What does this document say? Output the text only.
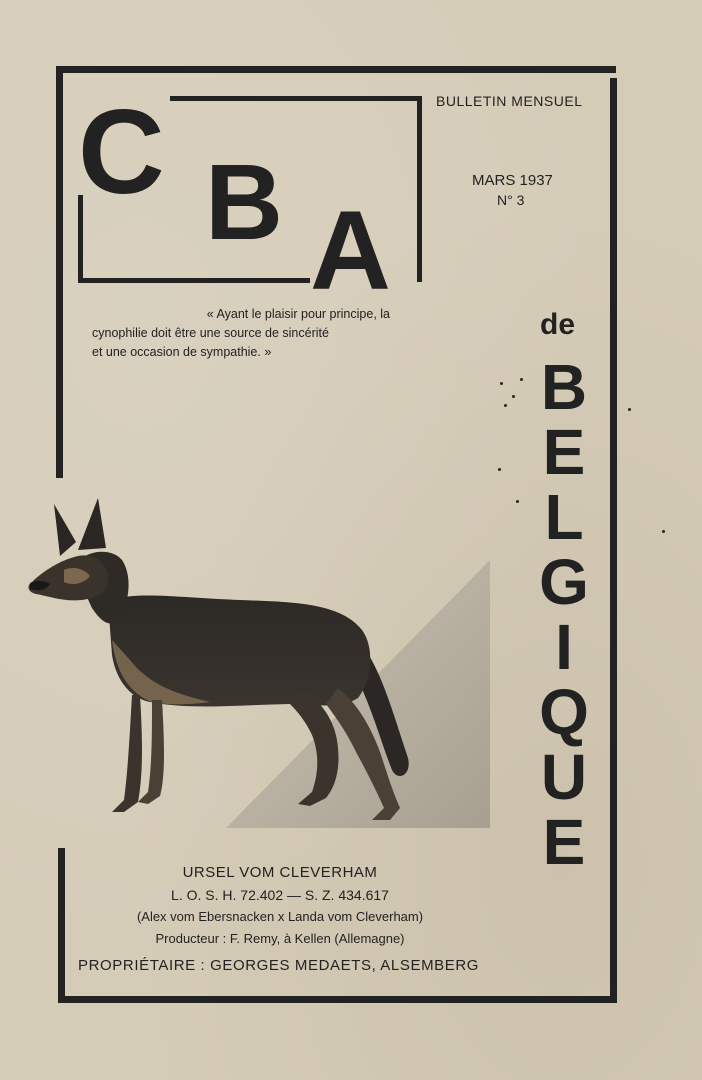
C B A
BULLETIN MENSUEL
MARS 1937
N° 3
« Ayant le plaisir pour principe, la
cynophilie doit être une source de sincérité
et une occasion de sympathie. »
de
B
E
L
G
I
Q
U
E
URSEL VOM CLEVERHAM
L. O. S. H. 72.402 — S. Z. 434.617
(Alex vom Ebersnacken x Landa vom Cleverham)
Producteur : F. Remy, à Kellen (Allemagne)
PROPRIÉTAIRE : GEORGES MEDAETS, ALSEMBERG
